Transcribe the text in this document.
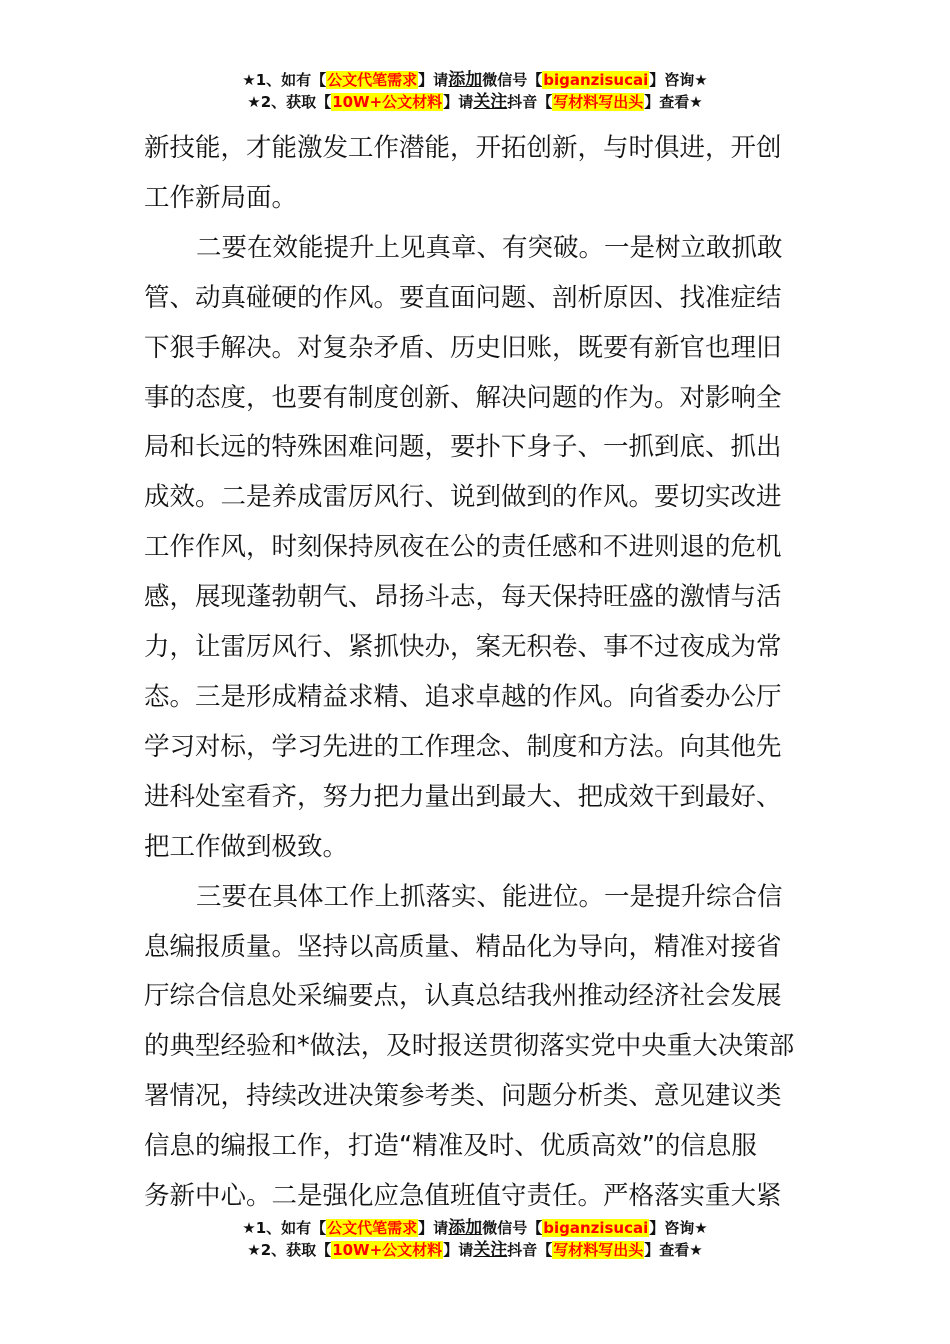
★1、如有【公文代笔需求】请添加微信号【biganzisucai】咨询★
★2、获取【10W+公文材料】请关注抖音【写材料写出头】查看★
新技能，才能激发工作潜能，开拓创新，与时俱进，开创
工作新局面。
二要在效能提升上见真章、有突破。一是树立敢抓敢
管、动真碰硬的作风。要直面问题、剖析原因、找准症结
下狠手解决。对复杂矛盾、历史旧账，既要有新官也理旧
事的态度，也要有制度创新、解决问题的作为。对影响全
局和长远的特殊困难问题，要扑下身子、一抓到底、抓出
成效。二是养成雷厉风行、说到做到的作风。要切实改进
工作作风，时刻保持夙夜在公的责任感和不进则退的危机
感，展现蓬勃朝气、昂扬斗志，每天保持旺盛的激情与活
力，让雷厉风行、紧抓快办，案无积卷、事不过夜成为常
态。三是形成精益求精、追求卓越的作风。向省委办公厅
学习对标，学习先进的工作理念、制度和方法。向其他先
进科处室看齐，努力把力量出到最大、把成效干到最好、
把工作做到极致。
三要在具体工作上抓落实、能进位。一是提升综合信
息编报质量。坚持以高质量、精品化为导向，精准对接省
厅综合信息处采编要点，认真总结我州推动经济社会发展
的典型经验和*做法，及时报送贯彻落实党中央重大决策部
署情况，持续改进决策参考类、问题分析类、意见建议类
信息的编报工作，打造“精准及时、优质高效”的信息服
务新中心。二是强化应急值班值守责任。严格落实重大紧
★1、如有【公文代笔需求】请添加微信号【biganzisucai】咨询★
★2、获取【10W+公文材料】请关注抖音【写材料写出头】查看★
